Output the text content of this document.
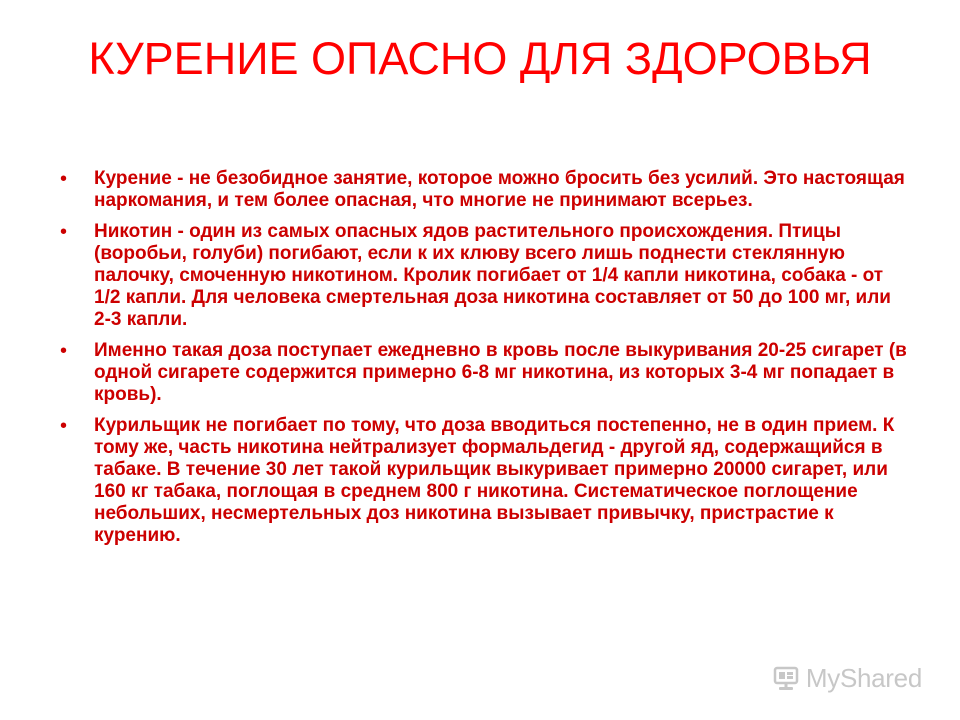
КУРЕНИЕ ОПАСНО ДЛЯ ЗДОРОВЬЯ
• Курение - не безобидное занятие, которое можно бросить без усилий. Это настоящая наркомания, и тем более опасная, что многие не принимают всерьез.
• Никотин - один из самых опасных ядов растительного происхождения. Птицы (воробьи, голуби) погибают, если к их клюву всего лишь поднести стеклянную палочку, смоченную никотином. Кролик погибает от 1/4 капли никотина, собака - от 1/2 капли. Для человека смертельная доза никотина составляет от 50 до 100 мг, или 2-3 капли.
• Именно такая доза поступает ежедневно в кровь после выкуривания 20-25 сигарет (в одной сигарете содержится примерно 6-8 мг никотина, из которых 3-4 мг попадает в кровь).
• Курильщик не погибает по тому, что доза вводиться постепенно, не в один прием. К тому же, часть никотина нейтрализует формальдегид - другой яд, содержащийся в табаке. В течение 30 лет такой курильщик выкуривает примерно 20000 сигарет, или 160 кг табака, поглощая в среднем 800 г никотина. Систематическое поглощение небольших, несмертельных доз никотина вызывает привычку, пристрастие к курению.
MyShared
